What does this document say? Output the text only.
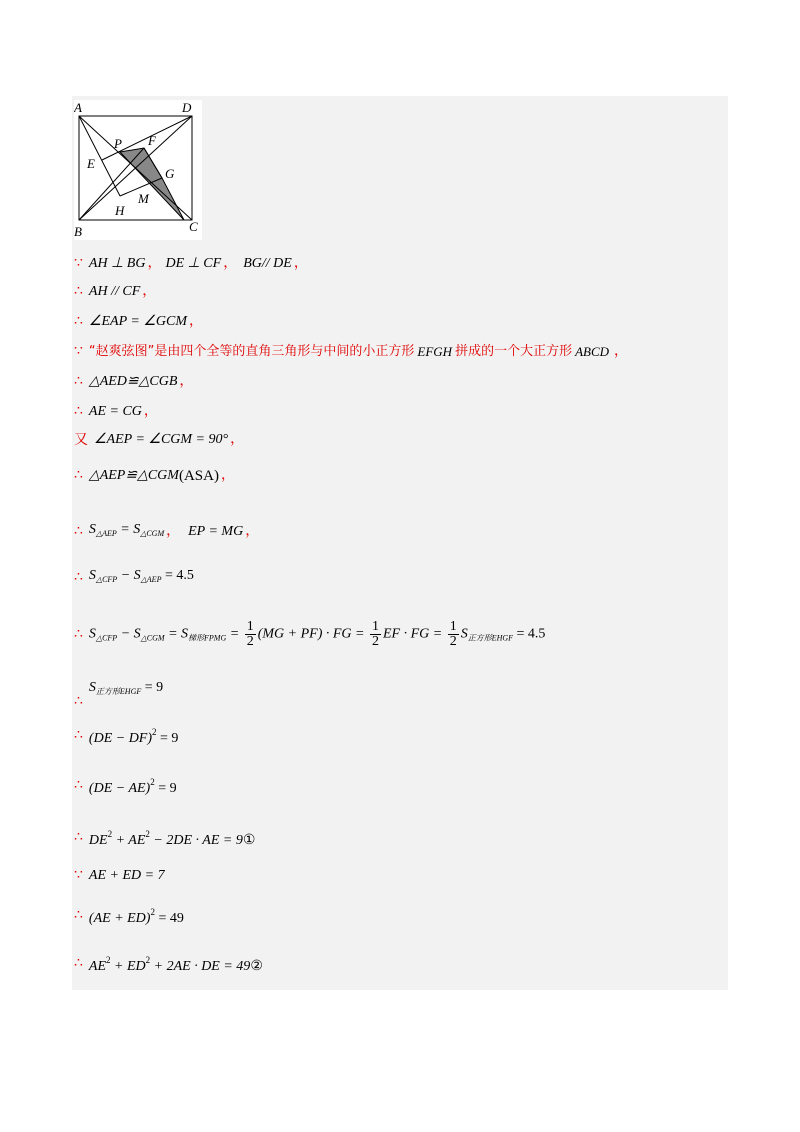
A	D
B	C
P F
E
G
M
H
∵ AH ⊥ BG ， DE ⊥ CF ， BG// DE ，
∴ AH // CF ，
∴ ∠EAP = ∠GCM ，
∵ “赵爽弦图”是由四个全等的直角三角形与中间的小正方形 EFGH 拼成的一个大正方形 ABCD ，
∴ △AED≌△CGB ，
∴ AE = CG ，
又 ∠AEP = ∠CGM = 90° ，
∴ △AEP≌△CGM (ASA) ，
∴ $S_{\triangle AEP} = S_{\triangle CGM}$ ， EP = MG ，
∴ $S_{\triangle CFP} - S_{\triangle AEP} = 4.5$
∴ $S_{\triangle CFP} - S_{\triangle CGM} = S_{梯形FPMG} = \frac{1}{2} (MG + PF)$ · FG = $\frac{1}{2}$ EF · FG = $\frac{1}{2} S_{正方形EHGF} = 4.5$
∴
$S_{正方形EHGF} = 9$
∴ (DE − DF)$^2$ = 9
∴ (DE − AE)$^2$ = 9
∴ $DE^2 + AE^2 - 2DE$ · AE = 9①
∵ AE + ED = 7
∴ (AE + ED)$^2$ = 49
∴ $AE^2 + ED^2 + 2AE$ · DE = 49②
